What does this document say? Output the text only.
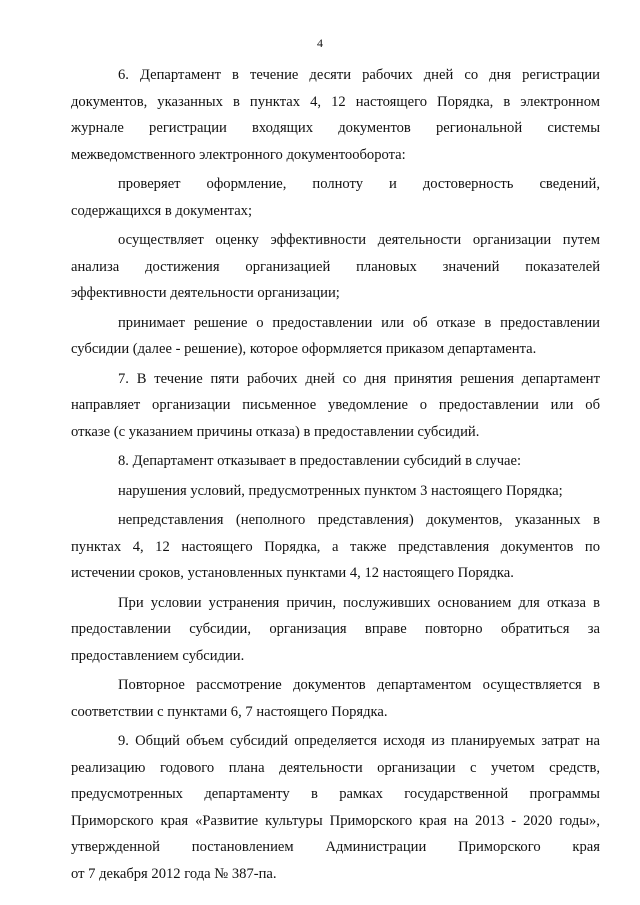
4

6. Департамент в течение десяти рабочих дней со дня регистрации
документов, указанных в пунктах 4, 12 настоящего Порядка, в электронном
журнале регистрации входящих документов региональной системы
межведомственного электронного документооборота:

проверяет оформление, полноту и достоверность сведений,
содержащихся в документах;

осуществляет оценку эффективности деятельности организации путем
анализа достижения организацией плановых значений показателей
эффективности деятельности организации;

принимает решение о предоставлении или об отказе в предоставлении
субсидии (далее - решение), которое оформляется приказом департамента.

7. В течение пяти рабочих дней со дня принятия решения департамент
направляет организации письменное уведомление о предоставлении или об
отказе (с указанием причины отказа) в предоставлении субсидий.

8. Департамент отказывает в предоставлении субсидий в случае:

нарушения условий, предусмотренных пунктом 3 настоящего Порядка;

непредставления (неполного представления) документов, указанных в
пунктах 4, 12 настоящего Порядка, а также представления документов по
истечении сроков, установленных пунктами 4, 12 настоящего Порядка.

При условии устранения причин, послуживших основанием для отказа в
предоставлении субсидии, организация вправе повторно обратиться за
предоставлением субсидии.

Повторное рассмотрение документов департаментом осуществляется в
соответствии с пунктами 6, 7 настоящего Порядка.

9. Общий объем субсидий определяется исходя из планируемых затрат на
реализацию годового плана деятельности организации с учетом средств,
предусмотренных департаменту в рамках государственной программы
Приморского края «Развитие культуры Приморского края на 2013 - 2020 годы»,
утвержденной постановлением Администрации Приморского края
от 7 декабря 2012 года № 387-па.
